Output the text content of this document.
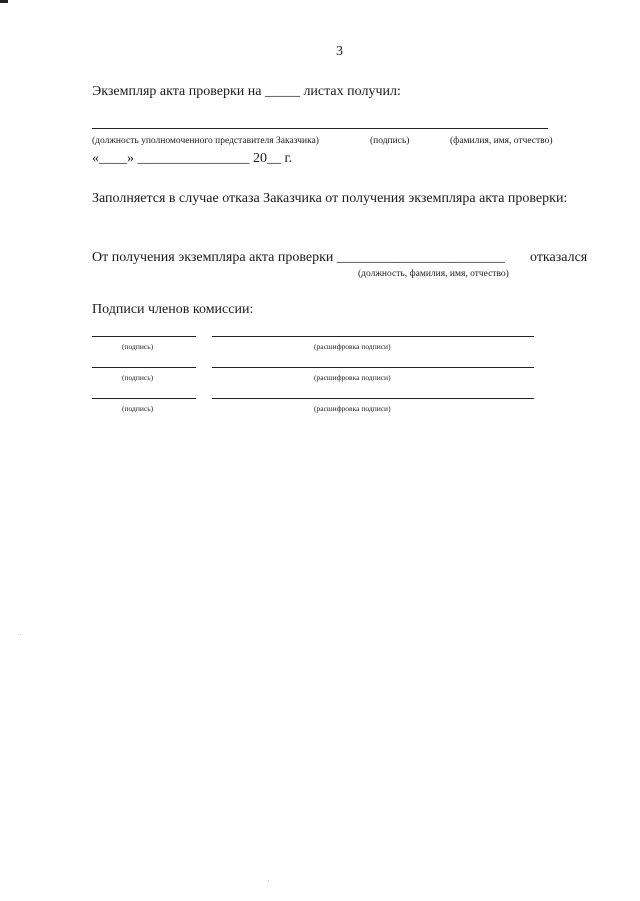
3
Экземпляр акта проверки на _____ листах получил:
(должность уполномоченного представителя Заказчика)	(подпись)	(фамилия, имя, отчество)
«____» ________________ 20__ г.
Заполняется в случае отказа Заказчика от получения экземпляра акта проверки:
От получения экземпляра акта проверки ________________________ отказался
(должность, фамилия, имя, отчество)
Подписи членов комиссии:
(подпись)	(расшифровка подписи)
(подпись)	(расшифровка подписи)
(подпись)	(расшифровка подписи)
